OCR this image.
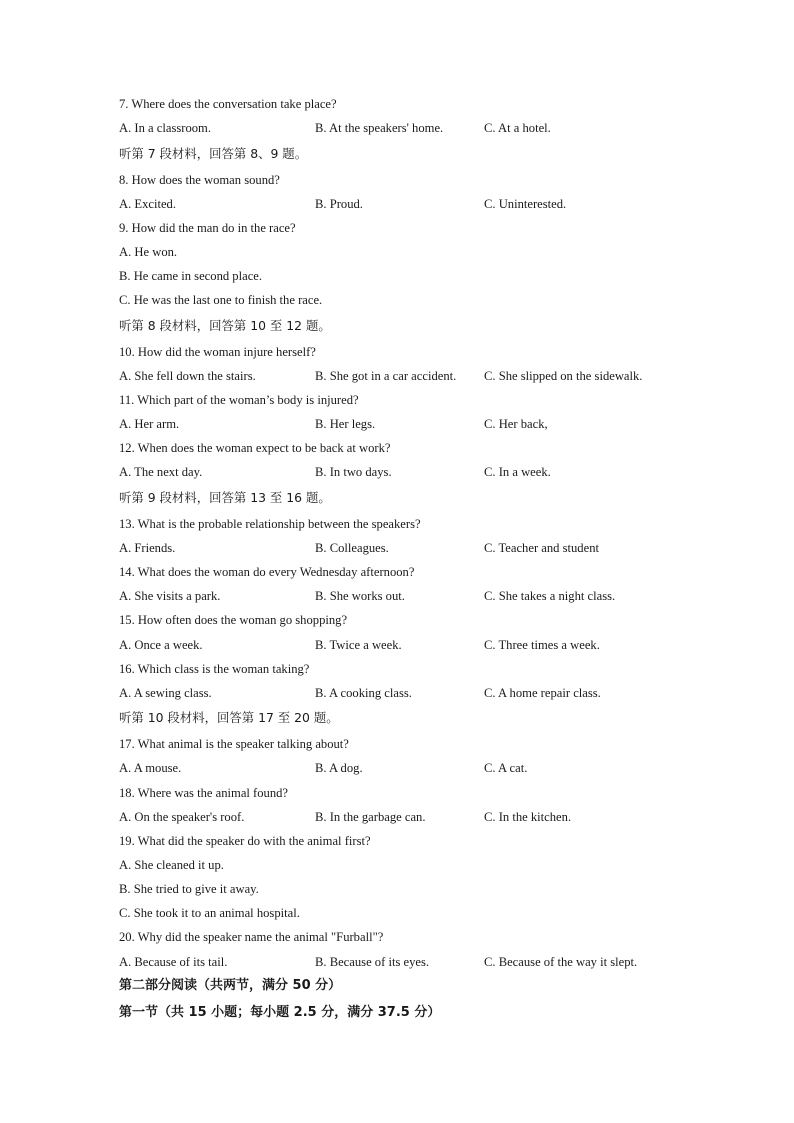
7. Where does the conversation take place?
A. In a classroom.	B. At the speakers' home.	C. At a hotel.
听第 7 段材料，回答第 8、9 题。
8. How does the woman sound?
A. Excited.	B. Proud.	C. Uninterested.
9. How did the man do in the race?
A. He won.
B. He came in second place.
C. He was the last one to finish the race.
听第 8 段材料，回答第 10 至 12 题。
10. How did the woman injure herself?
A. She fell down the stairs.	B. She got in a car accident. C. She slipped on the sidewalk.
11. Which part of the woman’s body is injured?
A. Her arm.	B. Her legs.	C. Her back,
12. When does the woman expect to be back at work?
A. The next day.	B. In two days.	C. In a week.
听第 9 段材料，回答第 13 至 16 题。
13. What is the probable relationship between the speakers?
A. Friends.	B. Colleagues.	C. Teacher and student
14. What does the woman do every Wednesday afternoon?
A. She visits a park.	B. She works out.	C. She takes a night class.
15. How often does the woman go shopping?
A. Once a week.	B. Twice a week.	C. Three times a week.
16. Which class is the woman taking?
A. A sewing class.	B. A cooking class.	C. A home repair class.
听第 10 段材料，回答第 17 至 20 题。
17. What animal is the speaker talking about?
A. A mouse.	B. A dog.	C. A cat.
18. Where was the animal found?
A. On the speaker's roof.	B. In the garbage can.	C. In the kitchen.
19. What did the speaker do with the animal first?
A. She cleaned it up.
B. She tried to give it away.
C. She took it to an animal hospital.
20. Why did the speaker name the animal "Furball"?
A. Because of its tail.	B. Because of its eyes.	C. Because of the way it slept.
第二部分阅读（共两节，满分 50 分）
第一节（共 15 小题；每小题 2.5 分，满分 37.5 分）
